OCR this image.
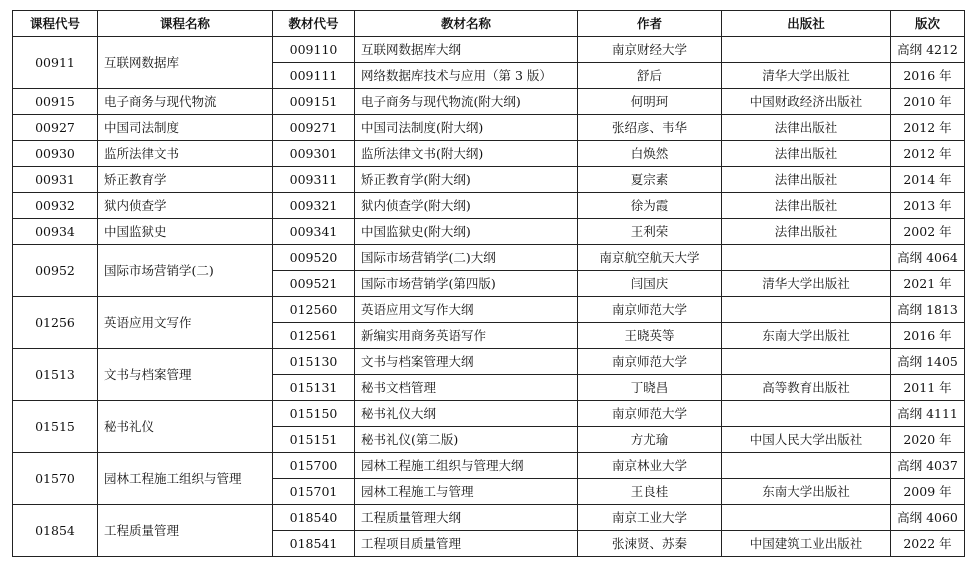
课程代号	课程名称	教材代号	教材名称	作者	出版社	版次
00911	互联网数据库	009110	互联网数据库大纲	南京财经大学		高纲 4212
		009111	网络数据库技术与应用（第 3 版）	舒后	清华大学出版社	2016 年
00915	电子商务与现代物流	009151	电子商务与现代物流(附大纲)	何明珂	中国财政经济出版社	2010 年
00927	中国司法制度	009271	中国司法制度(附大纲)	张绍彦、韦华	法律出版社	2012 年
00930	监所法律文书	009301	监所法律文书(附大纲)	白焕然	法律出版社	2012 年
00931	矫正教育学	009311	矫正教育学(附大纲)	夏宗素	法律出版社	2014 年
00932	狱内侦查学	009321	狱内侦查学(附大纲)	徐为霞	法律出版社	2013 年
00934	中国监狱史	009341	中国监狱史(附大纲)	王利荣	法律出版社	2002 年
00952	国际市场营销学(二)	009520	国际市场营销学(二)大纲	南京航空航天大学		高纲 4064
		009521	国际市场营销学(第四版)	闫国庆	清华大学出版社	2021 年
01256	英语应用文写作	012560	英语应用文写作大纲	南京师范大学		高纲 1813
		012561	新编实用商务英语写作	王晓英等	东南大学出版社	2016 年
01513	文书与档案管理	015130	文书与档案管理大纲	南京师范大学		高纲 1405
		015131	秘书文档管理	丁晓昌	高等教育出版社	2011 年
01515	秘书礼仪	015150	秘书礼仪大纲	南京师范大学		高纲 4111
		015151	秘书礼仪(第二版)	方尤瑜	中国人民大学出版社	2020 年
01570	园林工程施工组织与管理	015700	园林工程施工组织与管理大纲	南京林业大学		高纲 4037
		015701	园林工程施工与管理	王良桂	东南大学出版社	2009 年
01854	工程质量管理	018540	工程质量管理大纲	南京工业大学		高纲 4060
		018541	工程项目质量管理	张涑贤、苏秦	中国建筑工业出版社	2022 年
